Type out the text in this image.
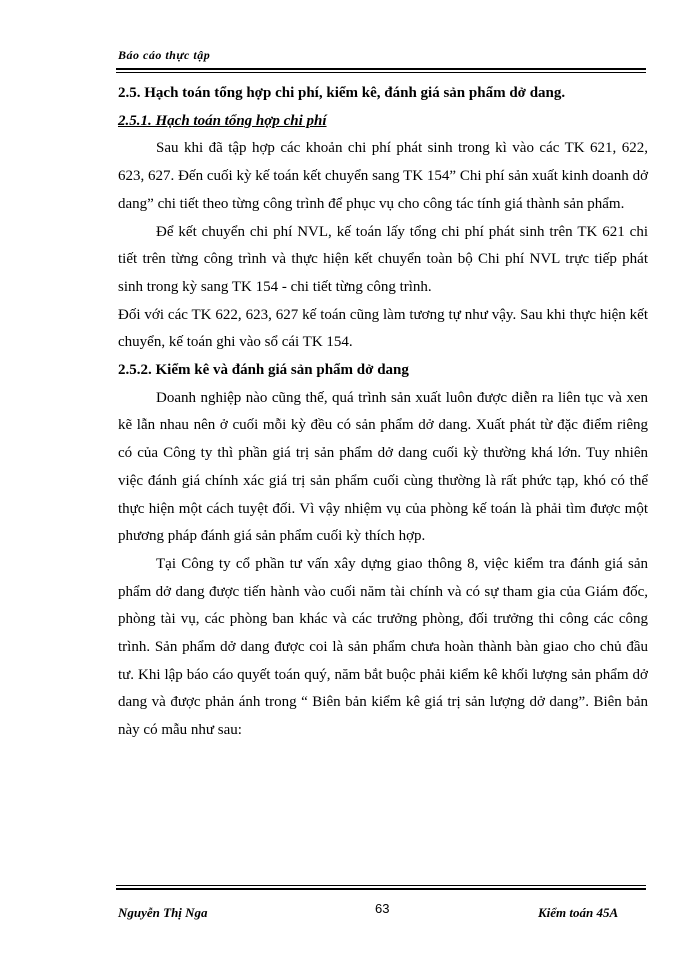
Báo cáo thực tập
2.5. Hạch toán tổng hợp chi phí, kiểm kê, đánh giá sản phẩm dở dang.
2.5.1. Hạch toán tổng hợp chi phí

Sau khi đã tập hợp các khoản chi phí phát sinh trong kì vào các TK 621, 622, 623, 627. Đến cuối kỳ kế toán kết chuyển sang TK 154” Chi phí sản xuất kinh doanh dở dang” chi tiết theo từng công trình để phục vụ cho công tác tính giá thành sản phẩm.

Để kết chuyển chi phí NVL, kế toán lấy tổng chi phí phát sinh trên TK 621 chi tiết trên từng công trình và thực hiện kết chuyển toàn bộ Chi phí NVL trực tiếp phát sinh trong kỳ sang TK 154 - chi tiết từng công trình.

Đối với các TK 622, 623, 627 kế toán cũng làm tương tự như vậy. Sau khi thực hiện kết chuyển, kế toán ghi vào sổ cái TK 154.

2.5.2. Kiểm kê và đánh giá sản phẩm dở dang

Doanh nghiệp nào cũng thế, quá trình sản xuất luôn được diễn ra liên tục và xen kẽ lẫn nhau nên ở cuối mỗi kỳ đều có sản phẩm dở dang. Xuất phát từ đặc điểm riêng có của Công ty thì phần giá trị sản phẩm dở dang cuối kỳ thường khá lớn. Tuy nhiên việc đánh giá chính xác giá trị sản phẩm cuối cùng thường là rất phức tạp, khó có thể thực hiện một cách tuyệt đối. Vì vậy nhiệm vụ của phòng kế toán là phải tìm được một phương pháp đánh giá sản phẩm cuối kỳ thích hợp.

Tại Công ty cổ phần tư vấn xây dựng giao thông 8, việc kiểm tra đánh giá sản phẩm dở dang được tiến hành vào cuối năm tài chính và có sự tham gia của Giám đốc, phòng tài vụ, các phòng ban khác và các trưởng phòng, đối trưởng thi công các công trình. Sản phẩm dở dang được coi là sản phẩm chưa hoàn thành bàn giao cho chủ đầu tư. Khi lập báo cáo quyết toán quý, năm bắt buộc phải kiểm kê khối lượng sản phẩm dở dang và được phản ánh trong “ Biên bản kiểm kê giá trị sản lượng dở dang”. Biên bản này có mẫu như sau:

Nguyễn Thị Nga	63	Kiểm toán 45A
